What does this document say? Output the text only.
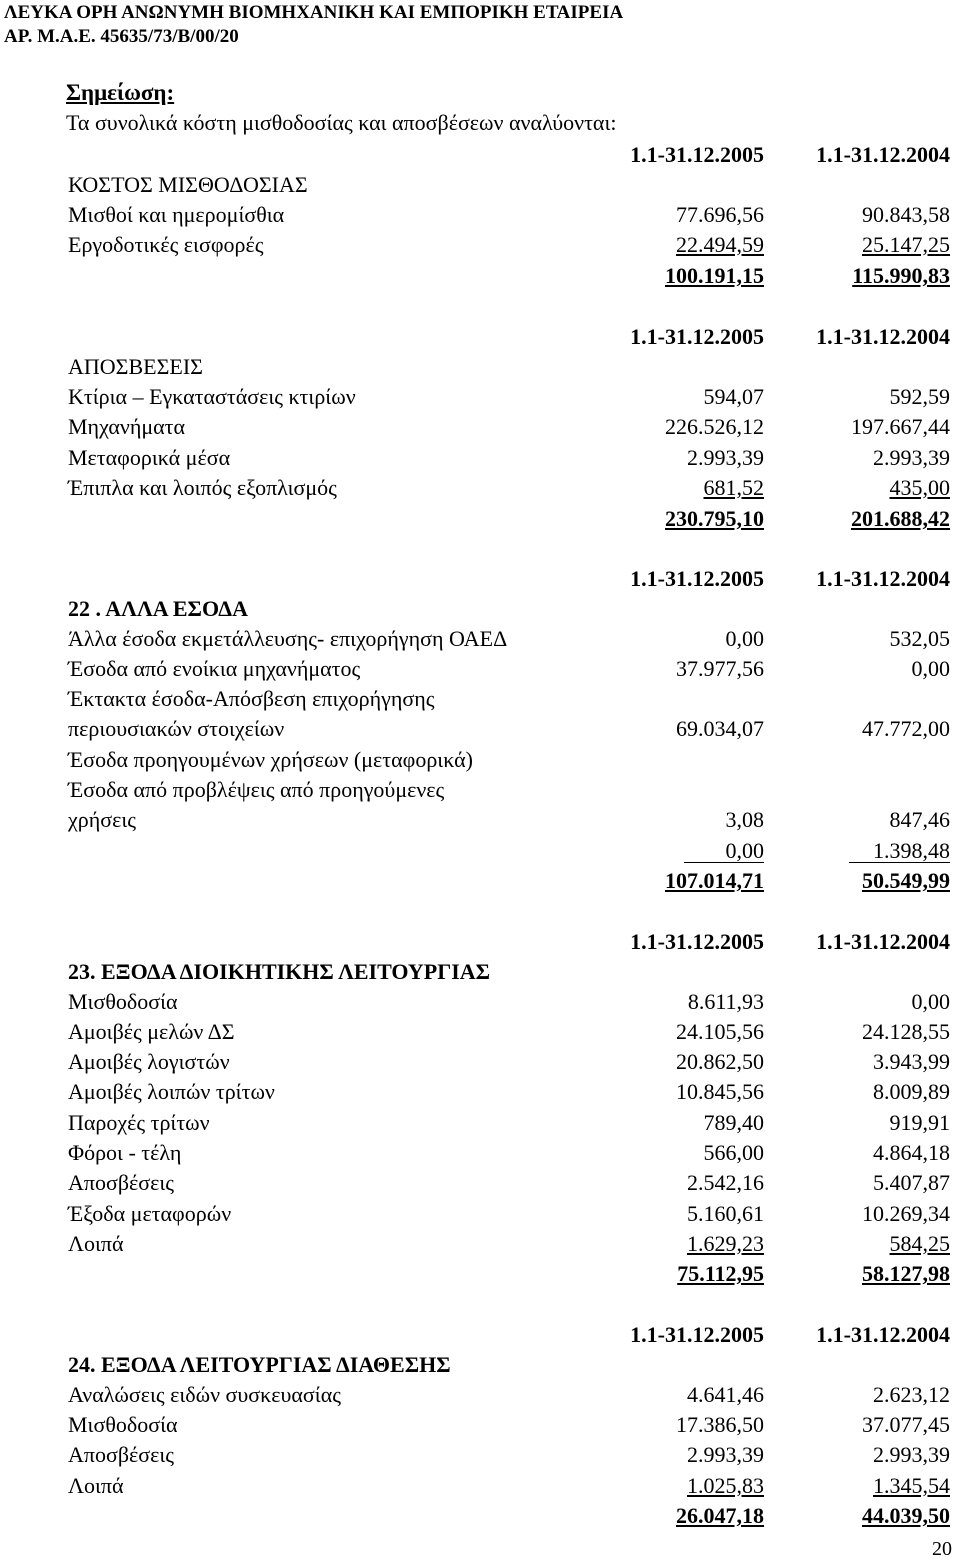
ΛΕΥΚΑ ΟΡΗ ΑΝΩΝΥΜΗ ΒΙΟΜΗΧΑΝΙΚΗ ΚΑΙ ΕΜΠΟΡΙΚΗ ΕΤΑΙΡΕΙΑ
ΑΡ. Μ.Α.Ε. 45635/73/Β/00/20
Σημείωση:
Τα συνολικά κόστη μισθοδοσίας και αποσβέσεων αναλύονται:
1.1-31.12.2005 1.1-31.12.2004
ΚΟΣΤΟΣ ΜΙΣΘΟΔΟΣΙΑΣ
Μισθοί και ημερομίσθια	77.696,56	90.843,58
Εργοδοτικές εισφορές	22.494,59	25.147,25
100.191,15	115.990,83
1.1-31.12.2005 1.1-31.12.2004
ΑΠΟΣΒΕΣΕΙΣ
Κτίρια – Εγκαταστάσεις κτιρίων	594,07	592,59
Μηχανήματα	226.526,12	197.667,44
Μεταφορικά μέσα	2.993,39	2.993,39
Έπιπλα και λοιπός εξοπλισμός	681,52	435,00
230.795,10	201.688,42
1.1-31.12.2005 1.1-31.12.2004
22 . ΑΛΛΑ ΕΣΟΔΑ
Άλλα έσοδα εκμετάλλευσης- επιχορήγηση ΟΑΕΔ	0,00	532,05
Έσοδα από ενοίκια μηχανήματος	37.977,56	0,00
Έκτακτα έσοδα-Απόσβεση επιχορήγησης
περιουσιακών στοιχείων	69.034,07	47.772,00
Έσοδα προηγουμένων χρήσεων (μεταφορικά)
Έσοδα από προβλέψεις από προηγούμενες
χρήσεις	3,08	847,46
0,00	1.398,48
107.014,71	50.549,99
1.1-31.12.2005 1.1-31.12.2004
23. ΕΞΟΔΑ ΔΙΟΙΚΗΤΙΚΗΣ ΛΕΙΤΟΥΡΓΙΑΣ
Μισθοδοσία	8.611,93	0,00
Αμοιβές μελών ΔΣ	24.105,56	24.128,55
Αμοιβές λογιστών	20.862,50	3.943,99
Αμοιβές λοιπών τρίτων	10.845,56	8.009,89
Παροχές τρίτων	789,40	919,91
Φόροι - τέλη	566,00	4.864,18
Αποσβέσεις	2.542,16	5.407,87
Έξοδα μεταφορών	5.160,61	10.269,34
Λοιπά	1.629,23	584,25
75.112,95	58.127,98
1.1-31.12.2005 1.1-31.12.2004
24. ΕΞΟΔΑ ΛΕΙΤΟΥΡΓΙΑΣ ΔΙΑΘΕΣΗΣ
Αναλώσεις ειδών συσκευασίας	4.641,46	2.623,12
Μισθοδοσία	17.386,50	37.077,45
Αποσβέσεις	2.993,39	2.993,39
Λοιπά	1.025,83	1.345,54
26.047,18	44.039,50
20
